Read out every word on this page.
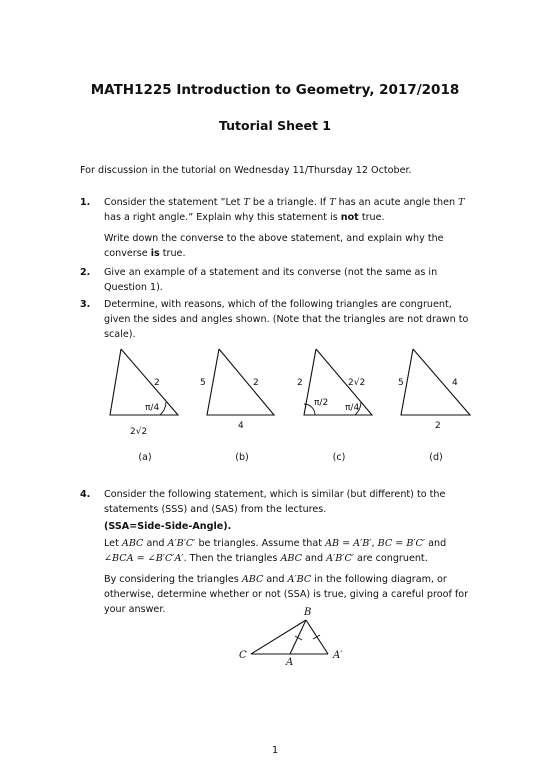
MATH1225 Introduction to Geometry, 2017/2018
Tutorial Sheet 1
For discussion in the tutorial on Wednesday 11/Thursday 12 October.
1. Consider the statement ”Let T be a triangle. If T has an acute angle then T has a right angle.” Explain why this statement is not true.

Write down the converse to the above statement, and explain why the converse is true.

2. Give an example of a statement and its converse (not the same as in Question 1).

3. Determine, with reasons, which of the following triangles are congruent, given the sides and angles shown. (Note that the triangles are not drawn to scale).

2
π/4
2√2
5	2
4
2	2√2
π/2 π/4
5	4
2
(a)	(b)	(c)	(d)
4. Consider the following statement, which is similar (but different) to the statements (SSS) and (SAS) from the lectures.

(SSA=Side-Side-Angle).

Let ABC and A′B′C′ be triangles. Assume that AB = A′B′, BC = B′C′ and ∠BCA = ∠B′C′A′. Then the triangles ABC and A′B′C′ are congruent.

By considering the triangles ABC and A′BC in the following diagram, or otherwise, determine whether or not (SSA) is true, giving a careful proof for your answer.	B
C
A
A′
1
